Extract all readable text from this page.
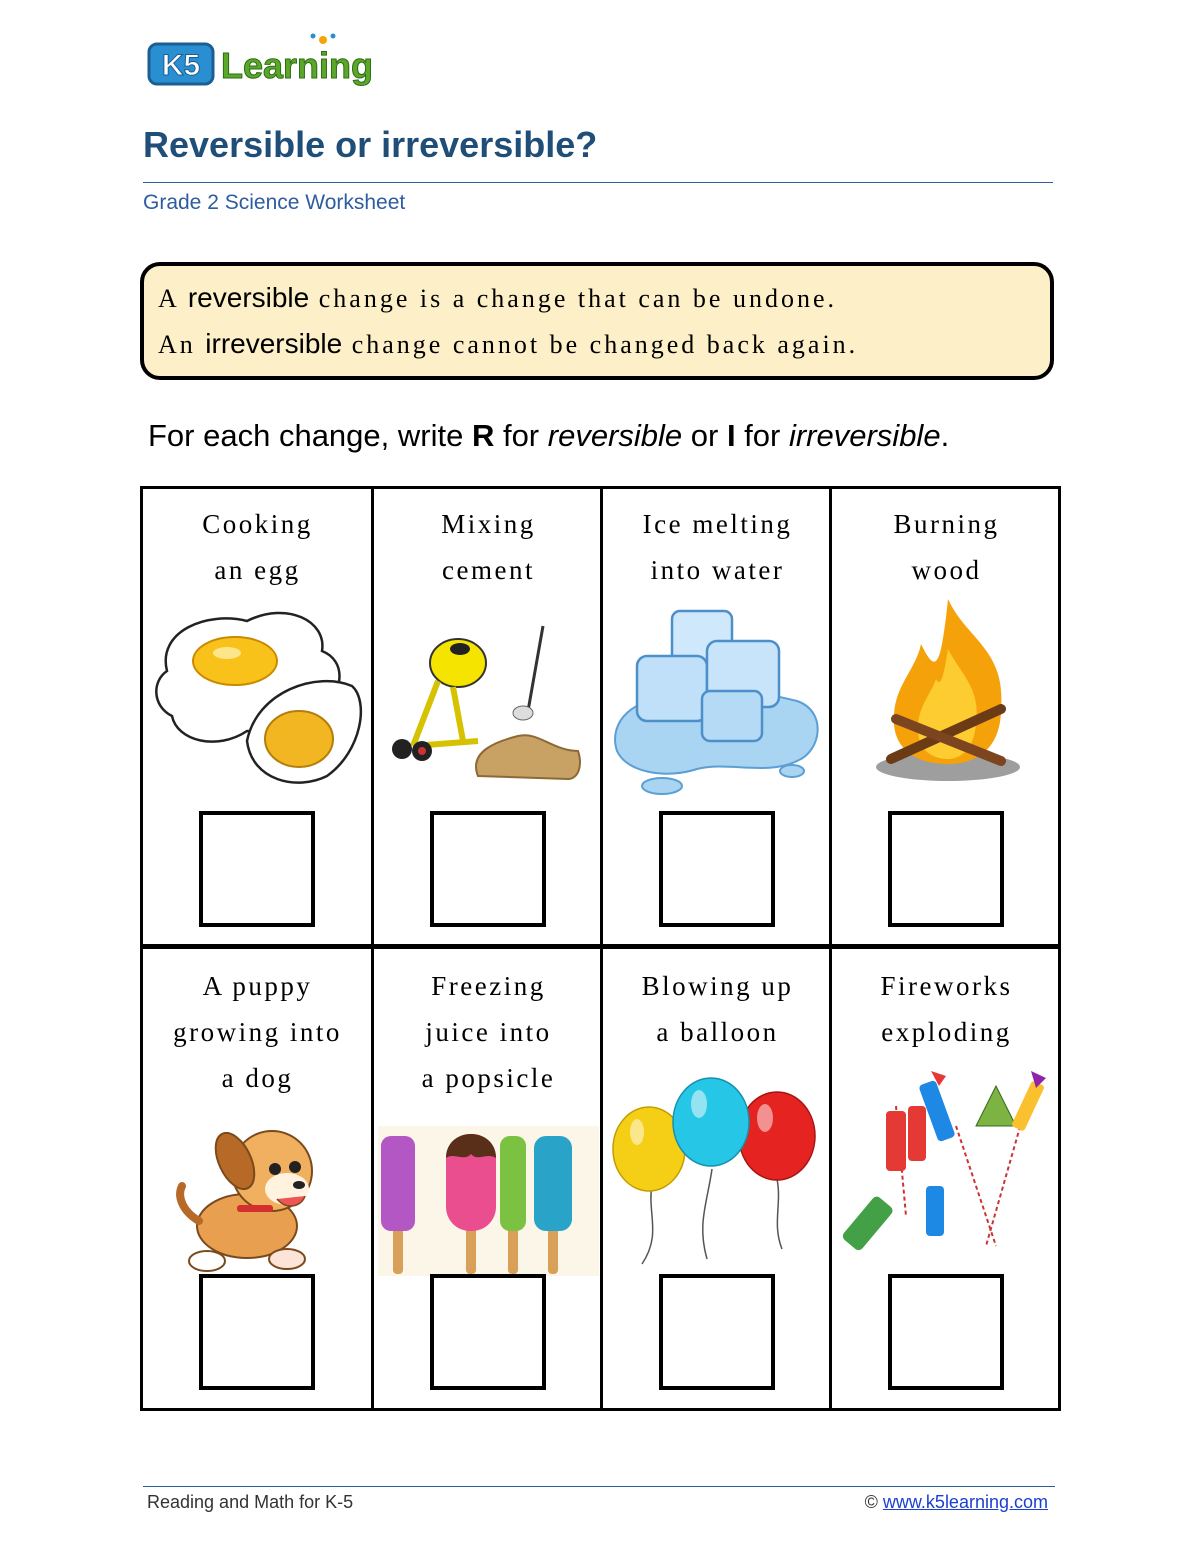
K5 Learning
Reversible or irreversible?
Grade 2 Science Worksheet
A reversible change is a change that can be undone.
An irreversible change cannot be changed back again.
For each change, write R for reversible or I for irreversible.
Cooking
an egg
Mixing
cement
Ice melting
into water
Burning
wood
A puppy
growing into
a dog
Freezing
juice into
a popsicle
Blowing up
a balloon
Fireworks
exploding
Reading and Math for K-5	© www.k5learning.com
